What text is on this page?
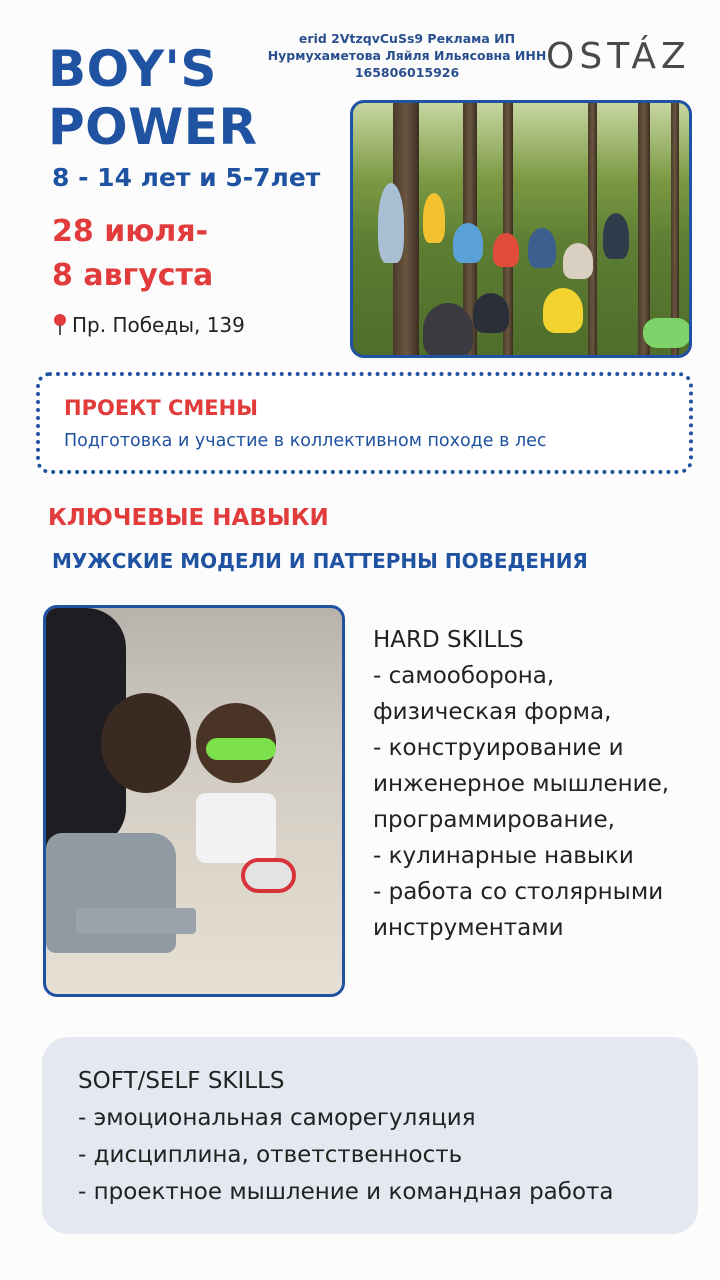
BOY'S
POWER
erid 2VtzqvCuSs9 Реклама ИП
Нурмухаметова Ляйля Ильясовна ИНН
165806015926	OSTÁZ
8 - 14 лет и 5-7лет
28 июля-
8 августа
Пр. Победы, 139
ПРОЕКТ СМЕНЫ
Подготовка и участие в коллективном походе в лес
КЛЮЧЕВЫЕ НАВЫКИ
МУЖСКИЕ МОДЕЛИ И ПАТТЕРНЫ ПОВЕДЕНИЯ
HARD SKILLS
- самооборона,
физическая форма,
- конструирование и
инженерное мышление,
программирование,
- кулинарные навыки
- работа со столярными
инструментами
SOFT/SELF SKILLS
- эмоциональная саморегуляция
- дисциплина, ответственность
- проектное мышление и командная работа
